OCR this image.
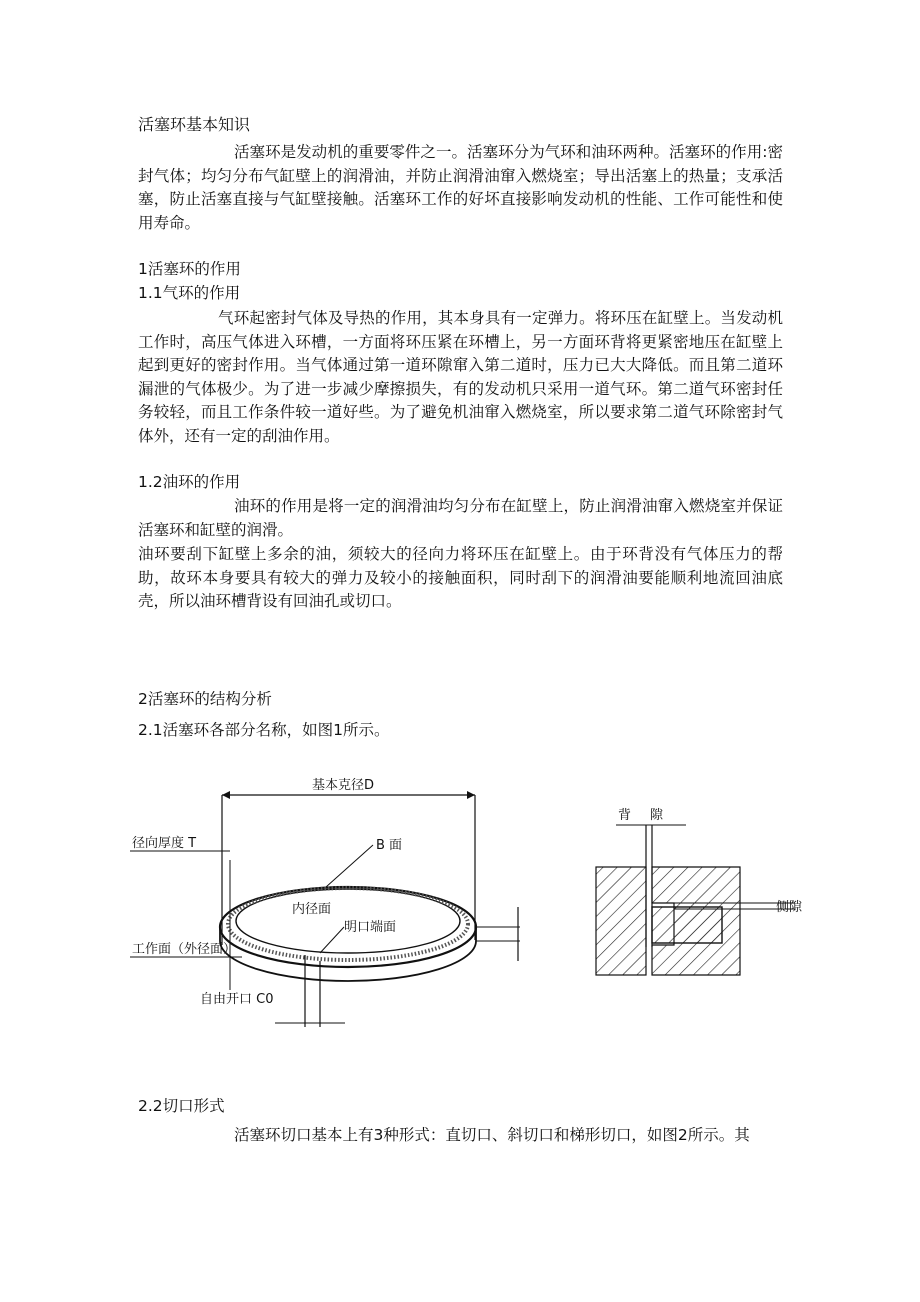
活塞环基本知识

活塞环是发动机的重要零件之一。活塞环分为气环和油环两种。活塞环的作用:密封气体；均匀分布气缸壁上的润滑油，并防止润滑油窜入燃烧室；导出活塞上的热量；支承活塞，防止活塞直接与气缸壁接触。活塞环工作的好坏直接影响发动机的性能、工作可能性和使用寿命。

1活塞环的作用

1.1气环的作用

气环起密封气体及导热的作用，其本身具有一定弹力。将环压在缸壁上。当发动机工作时，高压气体进入环槽，一方面将环压紧在环槽上，另一方面环背将更紧密地压在缸壁上起到更好的密封作用。当气体通过第一道环隙窜入第二道时，压力已大大降低。而且第二道环漏泄的气体极少。为了进一步减少摩擦损失，有的发动机只采用一道气环。第二道气环密封任务较轻，而且工作条件较一道好些。为了避免机油窜入燃烧室，所以要求第二道气环除密封气体外，还有一定的刮油作用。

1.2油环的作用

油环的作用是将一定的润滑油均匀分布在缸壁上，防止润滑油窜入燃烧室并保证活塞环和缸壁的润滑。

油环要刮下缸壁上多余的油，须较大的径向力将环压在缸壁上。由于环背没有气体压力的帮助，故环本身要具有较大的弹力及较小的接触面积，同时刮下的润滑油要能顺利地流回油底壳，所以油环槽背设有回油孔或切口。

2活塞环的结构分析

2.1活塞环各部分名称，如图1所示。

基本克径D
径向厚度 T	B 面
内径面
明口端面
工作面（外径面）
自由开口 C0
背 隙
侧隙

2.2切口形式

活塞环切口基本上有3种形式：直切口、斜切口和梯形切口，如图2所示。其
